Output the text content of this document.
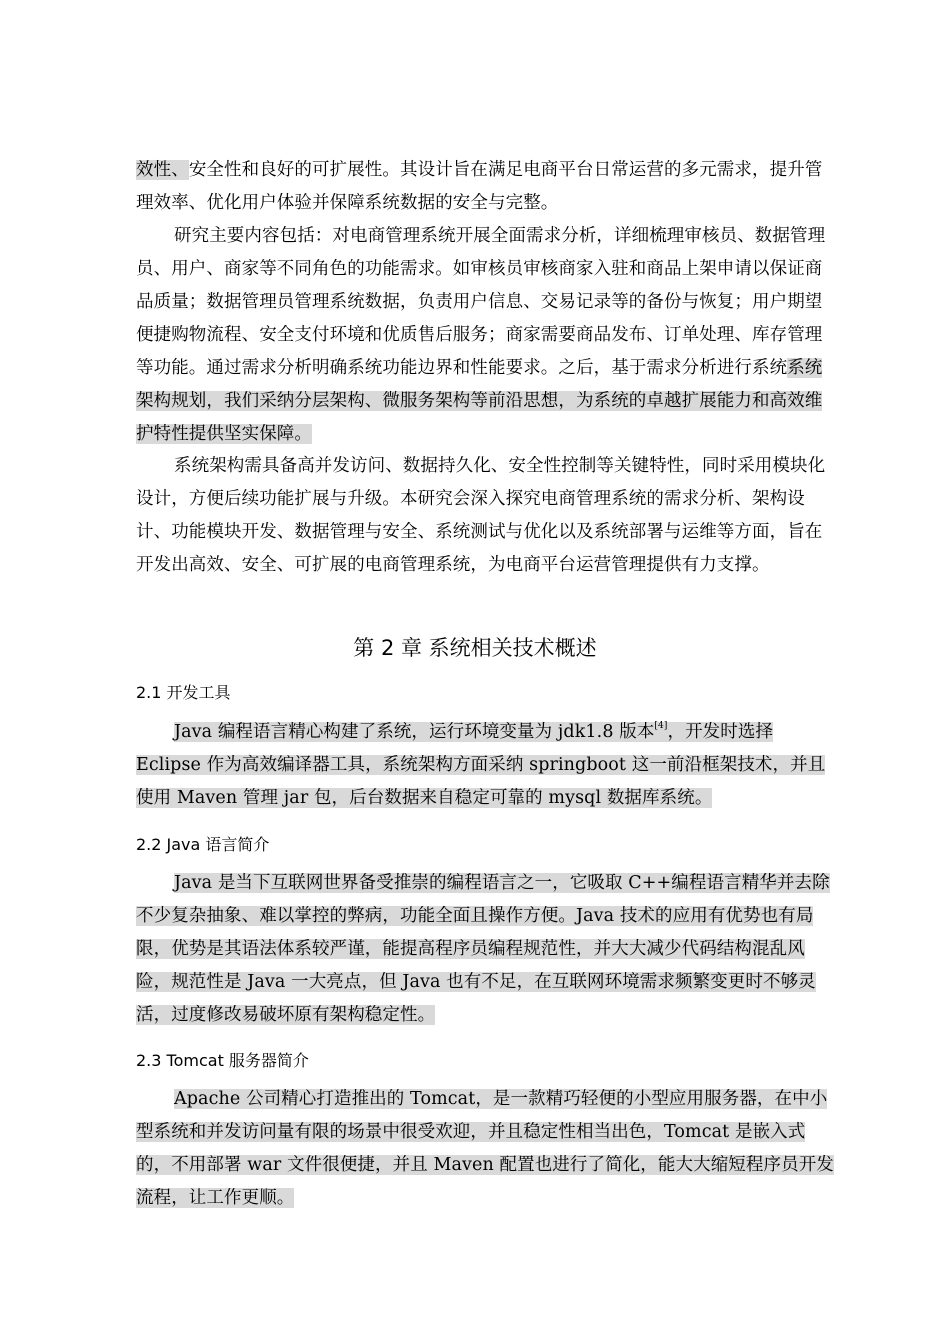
效性、安全性和良好的可扩展性。其设计旨在满足电商平台日常运营的多元需求，提升管理效率、优化用户体验并保障系统数据的安全与完整。

研究主要内容包括：对电商管理系统开展全面需求分析，详细梳理审核员、数据管理员、用户、商家等不同角色的功能需求。如审核员审核商家入驻和商品上架申请以保证商品质量；数据管理员管理系统数据，负责用户信息、交易记录等的备份与恢复；用户期望便捷购物流程、安全支付环境和优质售后服务；商家需要商品发布、订单处理、库存管理等功能。通过需求分析明确系统功能边界和性能要求。之后，基于需求分析进行系统系统架构规划，我们采纳分层架构、微服务架构等前沿思想，为系统的卓越扩展能力和高效维护特性提供坚实保障。

系统架构需具备高并发访问、数据持久化、安全性控制等关键特性，同时采用模块化设计，方便后续功能扩展与升级。本研究会深入探究电商管理系统的需求分析、架构设计、功能模块开发、数据管理与安全、系统测试与优化以及系统部署与运维等方面，旨在开发出高效、安全、可扩展的电商管理系统，为电商平台运营管理提供有力支撑。

第 2 章 系统相关技术概述
2.1 开发工具

Java 编程语言精心构建了系统，运行环境变量为 jdk1.8 版本[4]，开发时选择 Eclipse 作为高效编译器工具，系统架构方面采纳 springboot 这一前沿框架技术，并且使用 Maven 管理 jar 包，后台数据来自稳定可靠的 mysql 数据库系统。

2.2 Java 语言简介

Java 是当下互联网世界备受推崇的编程语言之一，它吸取 C++编程语言精华并去除不少复杂抽象、难以掌控的弊病，功能全面且操作方便。Java 技术的应用有优势也有局限，优势是其语法体系较严谨，能提高程序员编程规范性，并大大减少代码结构混乱风险，规范性是 Java 一大亮点，但 Java 也有不足，在互联网环境需求频繁变更时不够灵活，过度修改易破坏原有架构稳定性。

2.3 Tomcat 服务器简介

Apache 公司精心打造推出的 Tomcat，是一款精巧轻便的小型应用服务器，在中小型系统和并发访问量有限的场景中很受欢迎，并且稳定性相当出色，Tomcat 是嵌入式的，不用部署 war 文件很便捷，并且 Maven 配置也进行了简化，能大大缩短程序员开发流程，让工作更顺。
